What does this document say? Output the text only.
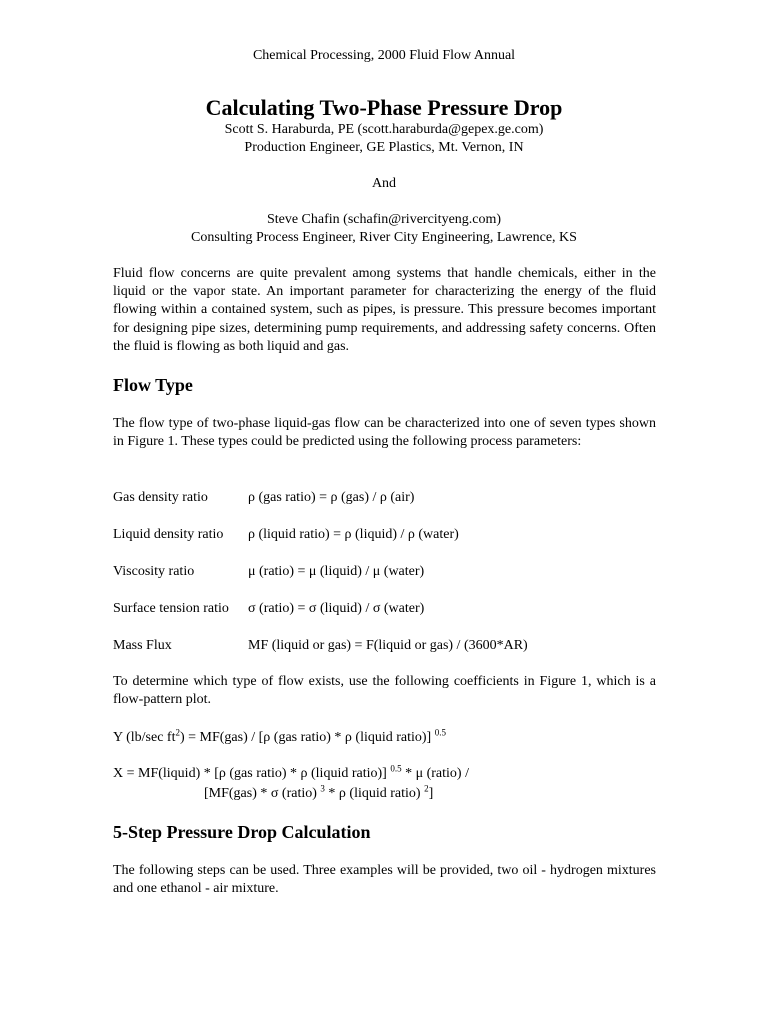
Chemical Processing, 2000 Fluid Flow Annual
Calculating Two-Phase Pressure Drop
Scott S. Haraburda, PE (scott.haraburda@gepex.ge.com)
Production Engineer, GE Plastics, Mt. Vernon, IN
And
Steve Chafin (schafin@rivercityeng.com)
Consulting Process Engineer, River City Engineering, Lawrence, KS
Fluid flow concerns are quite prevalent among systems that handle chemicals, either in the liquid or the vapor state. An important parameter for characterizing the energy of the fluid flowing within a contained system, such as pipes, is pressure. This pressure becomes important for designing pipe sizes, determining pump requirements, and addressing safety concerns. Often the fluid is flowing as both liquid and gas.
Flow Type
The flow type of two-phase liquid-gas flow can be characterized into one of seven types shown in Figure 1. These types could be predicted using the following process parameters:
Gas density ratio	ρ (gas ratio) = ρ (gas) / ρ (air)
Liquid density ratio ρ (liquid ratio) = ρ (liquid) / ρ (water)
Viscosity ratio	μ (ratio) = μ (liquid) / μ (water)
Surface tension ratio σ (ratio) = σ (liquid) / σ (water)
Mass Flux	MF (liquid or gas) = F(liquid or gas) / (3600*AR)
To determine which type of flow exists, use the following coefficients in Figure 1, which is a flow-pattern plot.
Y (lb/sec $ft^2) = MF(gas) / [\rho$ (gas ratio) * ρ (liquid ratio)] $^{0.5}$
X = MF(liquid) * [ρ (gas ratio) * ρ (liquid ratio)] $^{0.5}$ * μ (ratio) /
[MF(gas) * σ (ratio) $^3$ * ρ (liquid ratio) $^2$]
5-Step Pressure Drop Calculation
The following steps can be used. Three examples will be provided, two oil - hydrogen mixtures and one ethanol - air mixture.
